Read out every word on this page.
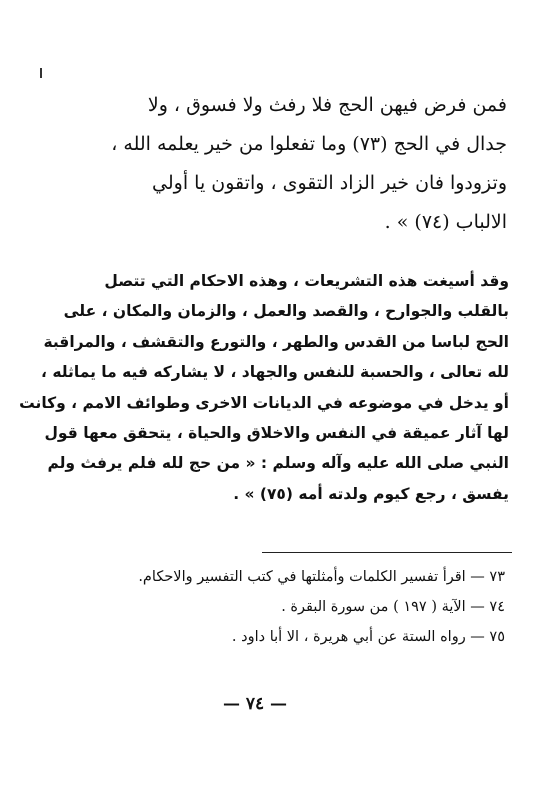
فمن فرض فيهن الحج فلا رفث ولا فسوق ، ولا

جدال في الحج (٧٣) وما تفعلوا من خير يعلمه الله ،

وتزودوا فان خير الزاد التقوى ، واتقون يا أولي

الالباب (٧٤) » .

وقد أسيغت هذه التشريعات ، وهذه الاحكام التي تتصل

بالقلب والجوارح ، والقصد والعمل ، والزمان والمكان ، على

الحج لباسا من القدس والطهر ، والتورع والتقشف ، والمراقبة

لله تعالى ، والحسبة للنفس والجهاد ، لا يشاركه فيه ما يماثله ،

أو يدخل في موضوعه في الديانات الاخرى وطوائف الامم ، وكانت

لها آثار عميقة في النفس والاخلاق والحياة ، يتحقق معها قول

النبي صلى الله عليه وآله وسلم : « من حج لله فلم يرفث ولم

يفسق ، رجع كيوم ولدته أمه (٧٥) » .

٧٣ — اقرأ تفسير الكلمات وأمثلتها في كتب التفسير والاحكام.

٧٤ — الآية ( ١٩٧ ) من سورة البقرة .

٧٥ — رواه الستة عن أبي هريرة ، الا أبا داود .

— ٧٤ —
